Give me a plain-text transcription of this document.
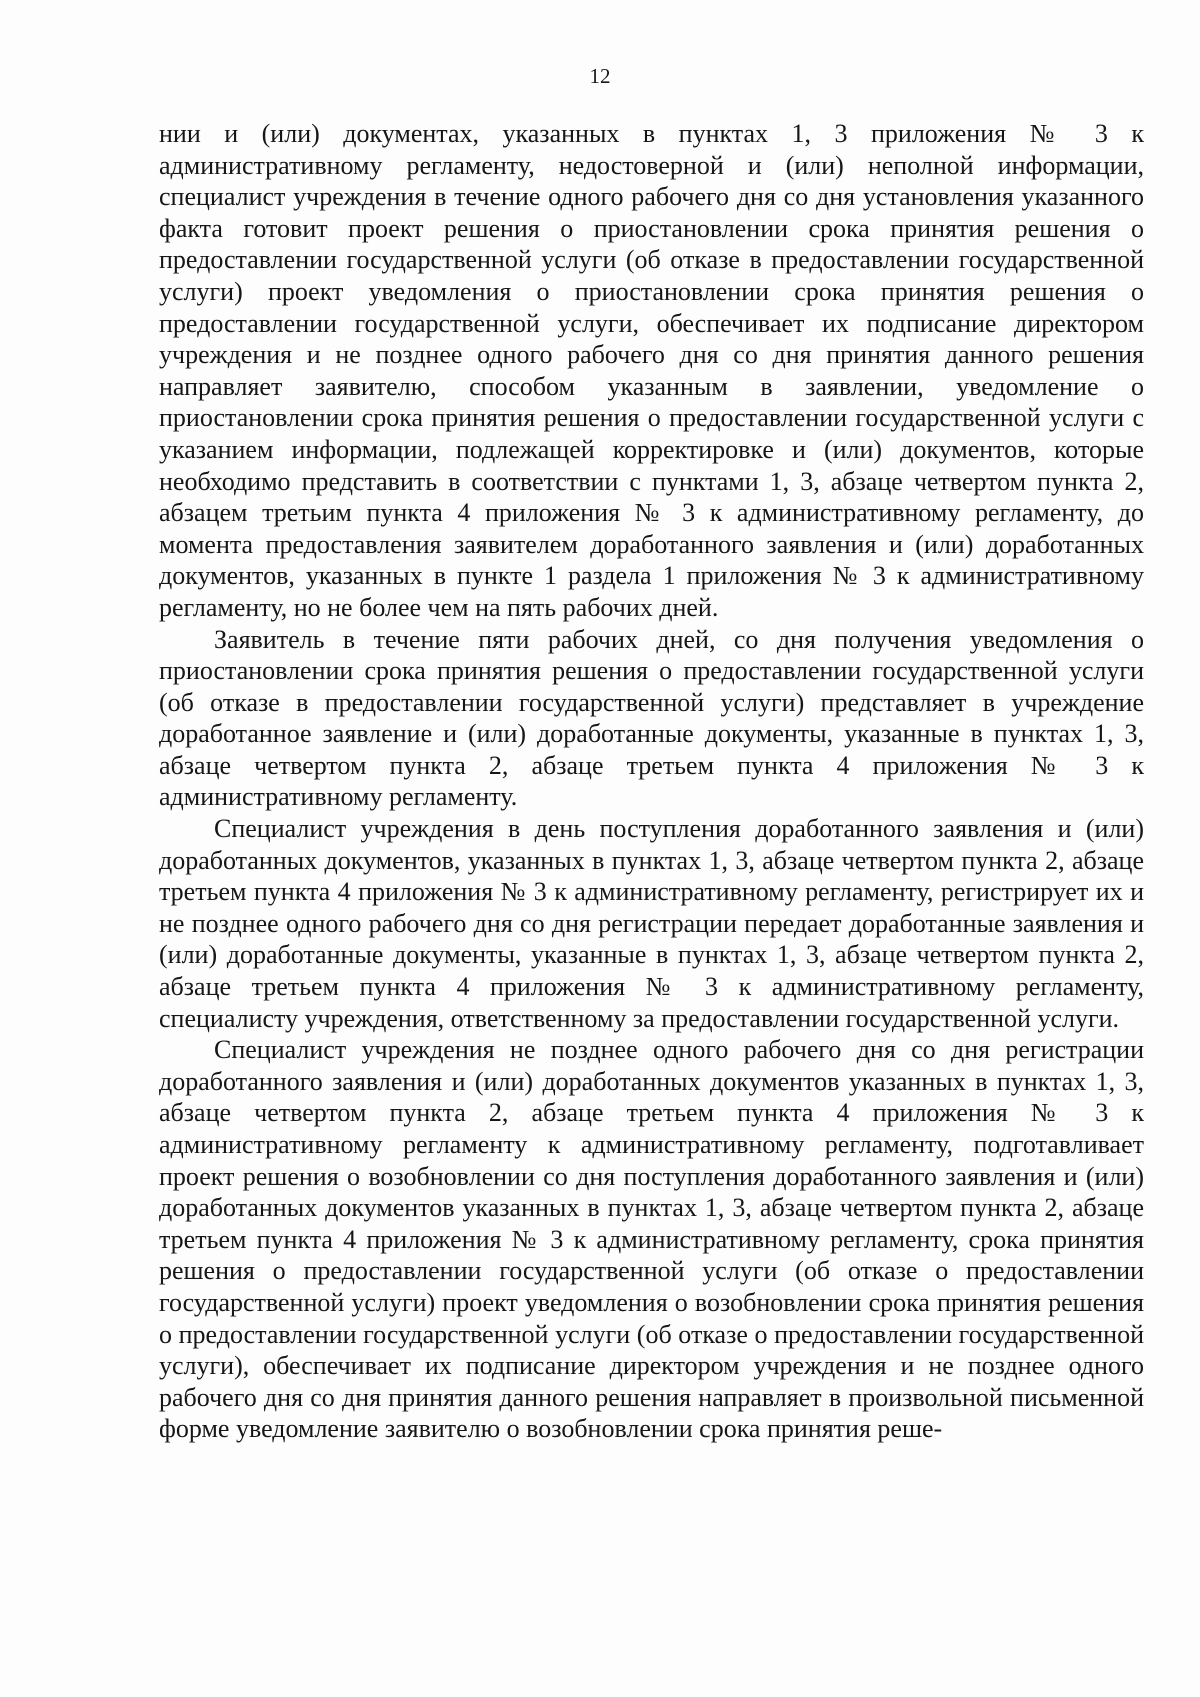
12

нии и (или) документах, указанных в пунктах 1, 3 приложения № 3 к административному регламенту, недостоверной и (или) неполной информации, специалист учреждения в течение одного рабочего дня со дня установления указанного факта готовит проект решения о приостановлении срока принятия решения о предоставлении государственной услуги (об отказе в предоставлении государственной услуги) проект уведомления о приостановлении срока принятия решения о предоставлении государственной услуги, обеспечивает их подписание директором учреждения и не позднее одного рабочего дня со дня принятия данного решения направляет заявителю, способом указанным в заявлении, уведомление о приостановлении срока принятия решения о предоставлении государственной услуги с указанием информации, подлежащей корректировке и (или) документов, которые необходимо представить в соответствии с пунктами 1, 3, абзаце четвертом пункта 2, абзацем третьим пункта 4 приложения № 3 к административному регламенту, до момента предоставления заявителем доработанного заявления и (или) доработанных документов, указанных в пункте 1 раздела 1 приложения № 3 к административному регламенту, но не более чем на пять рабочих дней.

Заявитель в течение пяти рабочих дней, со дня получения уведомления о приостановлении срока принятия решения о предоставлении государственной услуги (об отказе в предоставлении государственной услуги) представляет в учреждение доработанное заявление и (или) доработанные документы, указанные в пунктах 1, 3, абзаце четвертом пункта 2, абзаце третьем пункта 4 приложения № 3 к административному регламенту.

Специалист учреждения в день поступления доработанного заявления и (или) доработанных документов, указанных в пунктах 1, 3, абзаце четвертом пункта 2, абзаце третьем пункта 4 приложения № 3 к административному регламенту, регистрирует их и не позднее одного рабочего дня со дня регистрации передает доработанные заявления и (или) доработанные документы, указанные в пунктах 1, 3, абзаце четвертом пункта 2, абзаце третьем пункта 4 приложения № 3 к административному регламенту, специалисту учреждения, ответственному за предоставлении государственной услуги.

Специалист учреждения не позднее одного рабочего дня со дня регистрации доработанного заявления и (или) доработанных документов указанных в пунктах 1, 3, абзаце четвертом пункта 2, абзаце третьем пункта 4 приложения № 3 к административному регламенту к административному регламенту, подготавливает проект решения о возобновлении со дня поступления доработанного заявления и (или) доработанных документов указанных в пунктах 1, 3, абзаце четвертом пункта 2, абзаце третьем пункта 4 приложения № 3 к административному регламенту, срока принятия решения о предоставлении государственной услуги (об отказе о предоставлении государственной услуги) проект уведомления о возобновлении срока принятия решения о предоставлении государственной услуги (об отказе о предоставлении государственной услуги), обеспечивает их подписание директором учреждения и не позднее одного рабочего дня со дня принятия данного решения направляет в произвольной письменной форме уведомление заявителю о возобновлении срока принятия реше-
